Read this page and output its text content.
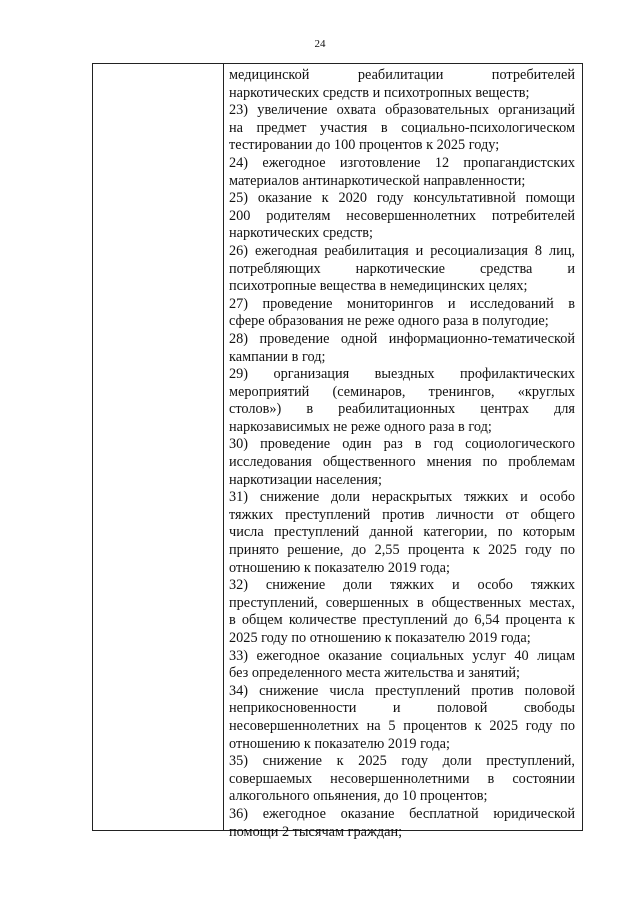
24
медицинской реабилитации потребителей
наркотических средств и психотропных веществ;
23) увеличение охвата образовательных организаций
на предмет участия в социально-психологическом
тестировании до 100 процентов к 2025 году;
24) ежегодное изготовление 12 пропагандистских
материалов антинаркотической направленности;
25) оказание к 2020 году консультативной помощи
200 родителям несовершеннолетних потребителей
наркотических средств;
26) ежегодная реабилитация и ресоциализация 8 лиц,
потребляющих наркотические средства и
психотропные вещества в немедицинских целях;
27) проведение мониторингов и исследований в
сфере образования не реже одного раза в полугодие;
28) проведение одной информационно-тематической
кампании в год;
29) организация выездных профилактических
мероприятий (семинаров, тренингов, «круглых
столов») в реабилитационных центрах для
наркозависимых не реже одного раза в год;
30) проведение один раз в год социологического
исследования общественного мнения по проблемам
наркотизации населения;
31) снижение доли нераскрытых тяжких и особо
тяжких преступлений против личности от общего
числа преступлений данной категории, по которым
принято решение, до 2,55 процента к 2025 году по
отношению к показателю 2019 года;
32) снижение доли тяжких и особо тяжких
преступлений, совершенных в общественных местах,
в общем количестве преступлений до 6,54 процента к
2025 году по отношению к показателю 2019 года;
33) ежегодное оказание социальных услуг 40 лицам
без определенного места жительства и занятий;
34) снижение числа преступлений против половой
неприкосновенности и половой свободы
несовершеннолетних на 5 процентов к 2025 году по
отношению к показателю 2019 года;
35) снижение к 2025 году доли преступлений,
совершаемых несовершеннолетними в состоянии
алкогольного опьянения, до 10 процентов;
36) ежегодное оказание бесплатной юридической
помощи 2 тысячам граждан;
